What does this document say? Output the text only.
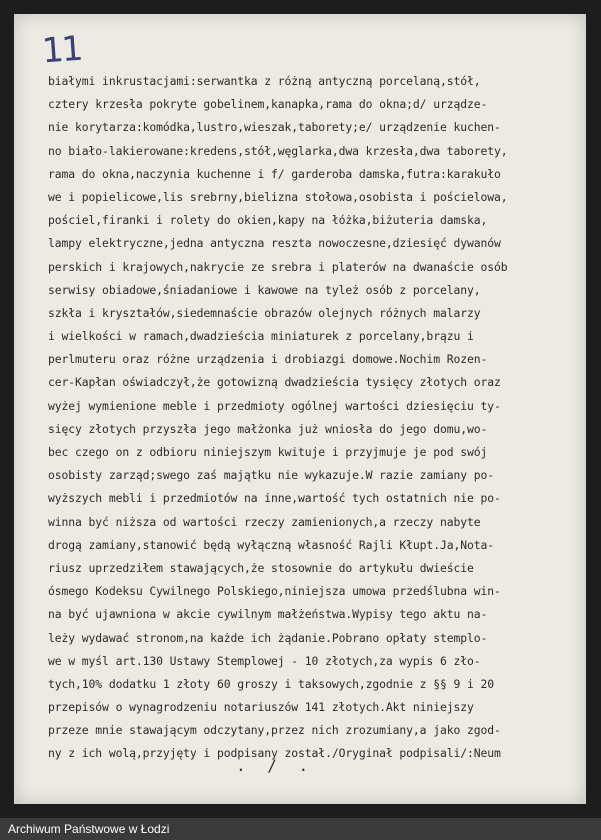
11
białymi inkrustacjami:serwantka z różną antyczną porcelaną,stół,
cztery krzesła pokryte gobelinem,kanapka,rama do okna;d/ urządze-
nie korytarza:komódka,lustro,wieszak,taborety;e/ urządzenie kuchen-
no biało-lakierowane:kredens,stół,węglarka,dwa krzesła,dwa taborety,
rama do okna,naczynia kuchenne i f/ garderoba damska,futra:karakuło
we i popielicowe,lis srebrny,bielizna stołowa,osobista i pościelowa,
pościel,firanki i rolety do okien,kapy na łóżka,biżuteria damska,
lampy elektryczne,jedna antyczna reszta nowoczesne,dziesięć dywanów
perskich i krajowych,nakrycie ze srebra i platerów na dwanaście osób
serwisy obiadowe,śniadaniowe i kawowe na tyleż osób z porcelany,
szkła i kryształów,siedemnaście obrazów olejnych różnych malarzy
i wielkości w ramach,dwadzieścia miniaturek z porcelany,brązu i
perlmuteru oraz różne urządzenia i drobiazgi domowe.Nochim Rozen-
cer-Kapłan oświadczył,że gotowizną dwadzieścia tysięcy złotych oraz
wyżej wymienione meble i przedmioty ogólnej wartości dziesięciu ty-
sięcy złotych przyszła jego małżonka już wniosła do jego domu,wo-
bec czego on z odbioru niniejszym kwituje i przyjmuje je pod swój
osobisty zarząd;swego zaś majątku nie wykazuje.W razie zamiany po-
wyższych mebli i przedmiotów na inne,wartość tych ostatnich nie po-
winna być niższa od wartości rzeczy zamienionych,a rzeczy nabyte
drogą zamiany,stanowić będą wyłączną własność Rajli Kłupt.Ja,Nota-
riusz uprzedziłem stawających,że stosownie do artykułu dwieście
ósmego Kodeksu Cywilnego Polskiego,niniejsza umowa przedślubna win-
na być ujawniona w akcie cywilnym małżeństwa.Wypisy tego aktu na-
leży wydawać stronom,na każde ich żądanie.Pobrano opłaty stemplo-
we w myśl art.130 Ustawy Stemplowej - 10 złotych,za wypis 6 zło-
tych,10% dodatku 1 złoty 60 groszy i taksowych,zgodnie z §§ 9 i 20
przepisów o wynagrodzeniu notariuszów 141 złotych.Akt niniejszy
przeze mnie stawającym odczytany,przez nich zrozumiany,a jako zgod-
ny z ich wolą,przyjęty i podpisany został./Oryginał podpisali/:Neum
. / .
Archiwum Państwowe w Łodzi
